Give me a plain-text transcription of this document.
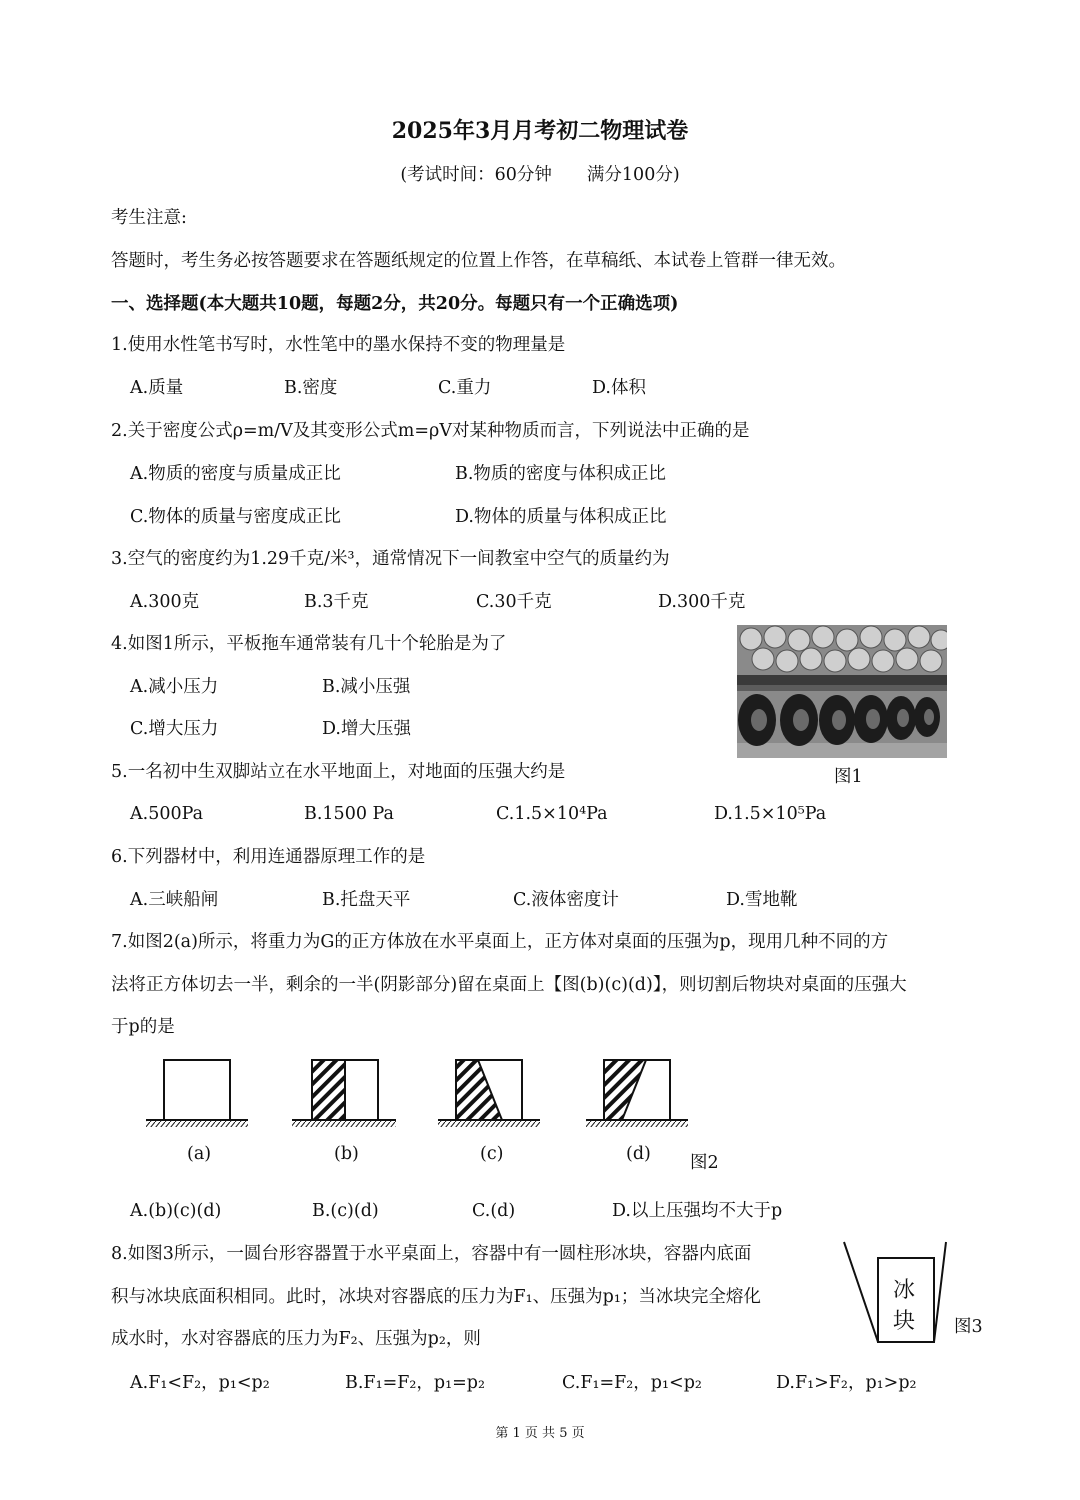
2025年3月月考初二物理试卷
(考试时间：60分钟　　满分100分)
考生注意:
答题时，考生务必按答题要求在答题纸规定的位置上作答，在草稿纸、本试卷上管群一律无效。
一、选择题(本大题共10题，每题2分，共20分。每题只有一个正确选项)
1.使用水性笔书写时，水性笔中的墨水保持不变的物理量是
A.质量	B.密度	C.重力	D.体积
2.关于密度公式ρ=m/V及其变形公式m=ρV对某种物质而言，下列说法中正确的是
A.物质的密度与质量成正比	B.物质的密度与体积成正比
C.物体的质量与密度成正比	D.物体的质量与体积成正比
3.空气的密度约为1.29千克/米³，通常情况下一间教室中空气的质量约为
A.300克	B.3千克	C.30千克	D.300千克
4.如图1所示，平板拖车通常装有几十个轮胎是为了
A.减小压力	B.减小压强
C.增大压力	D.增大压强
图1
5.一名初中生双脚站立在水平地面上，对地面的压强大约是
A.500Pa	B.1500 Pa	C.1.5×10⁴Pa	D.1.5×10⁵Pa
6.下列器材中，利用连通器原理工作的是
A.三峡船闸	B.托盘天平	C.液体密度计	D.雪地靴
7.如图2(a)所示，将重力为G的正方体放在水平桌面上，正方体对桌面的压强为p，现用几种不同的方
法将正方体切去一半，剩余的一半(阴影部分)留在桌面上【图(b)(c)(d)】，则切割后物块对桌面的压强大
于p的是
(a)	(b)	(c)	(d) 图2
A.(b)(c)(d)	B.(c)(d)	C.(d)	D.以上压强均不大于p
8.如图3所示，一圆台形容器置于水平桌面上，容器中有一圆柱形冰块，容器内底面
积与冰块底面积相同。此时，冰块对容器底的压力为F₁、压强为p₁；当冰块完全熔化
成水时，水对容器底的压力为F₂、压强为p₂，则
冰
块 图3
A.F₁<F₂，p₁<p₂	B.F₁=F₂，p₁=p₂	C.F₁=F₂，p₁<p₂	D.F₁>F₂，p₁>p₂
第 1 页 共 5 页
